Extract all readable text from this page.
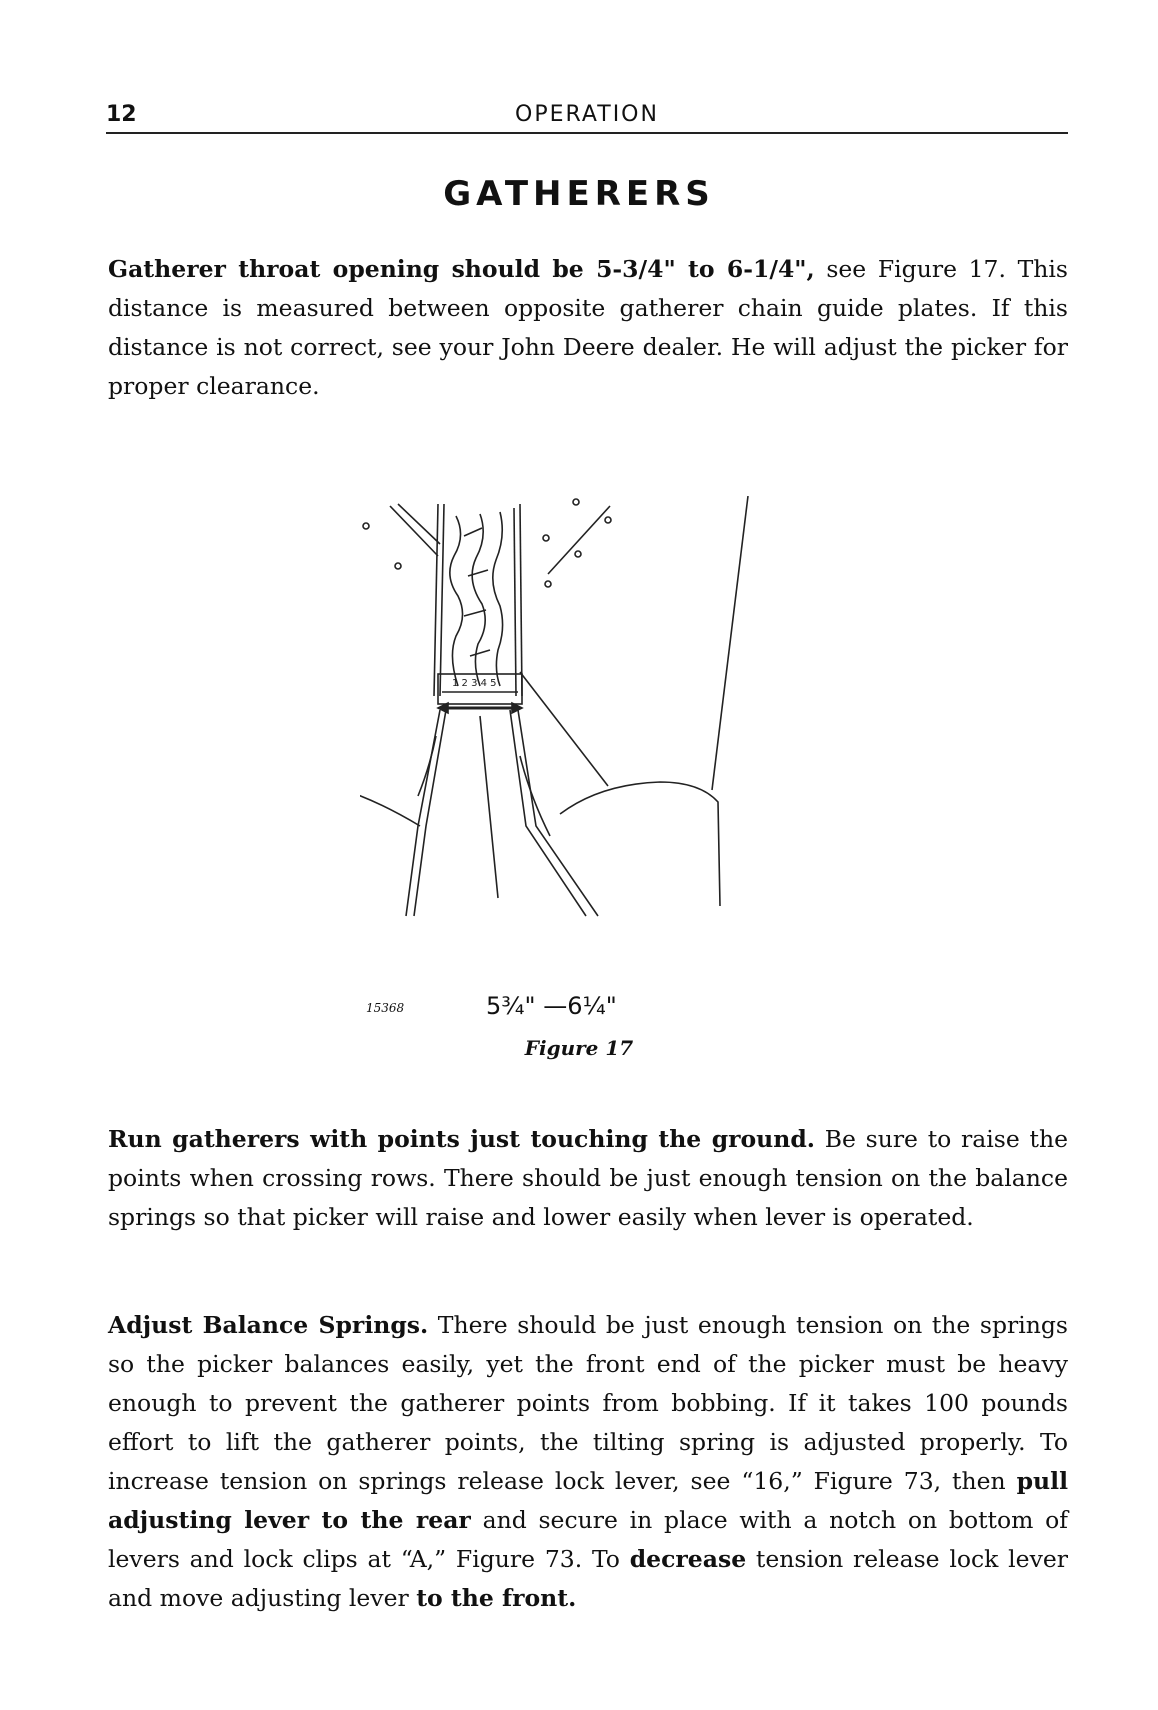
12	OPERATION
GATHERERS

Gatherer throat opening should be 5-3/4" to 6-1/4", see Figure 17. This distance is measured between opposite gatherer chain guide plates. If this distance is not correct, see your John Deere dealer. He will adjust the picker for proper clearance.

1 2 3 4 5
15368	5¾" —6¼"
Figure 17

Run gatherers with points just touching the ground. Be sure to raise the points when crossing rows. There should be just enough tension on the balance springs so that picker will raise and lower easily when lever is operated.

Adjust Balance Springs. There should be just enough tension on the springs so the picker balances easily, yet the front end of the picker must be heavy enough to prevent the gatherer points from bobbing. If it takes 100 pounds effort to lift the gatherer points, the tilting spring is adjusted properly. To increase tension on springs release lock lever, see “16,” Figure 73, then pull adjusting lever to the rear and secure in place with a notch on bottom of levers and lock clips at “A,” Figure 73. To decrease tension release lock lever and move adjusting lever to the front.
